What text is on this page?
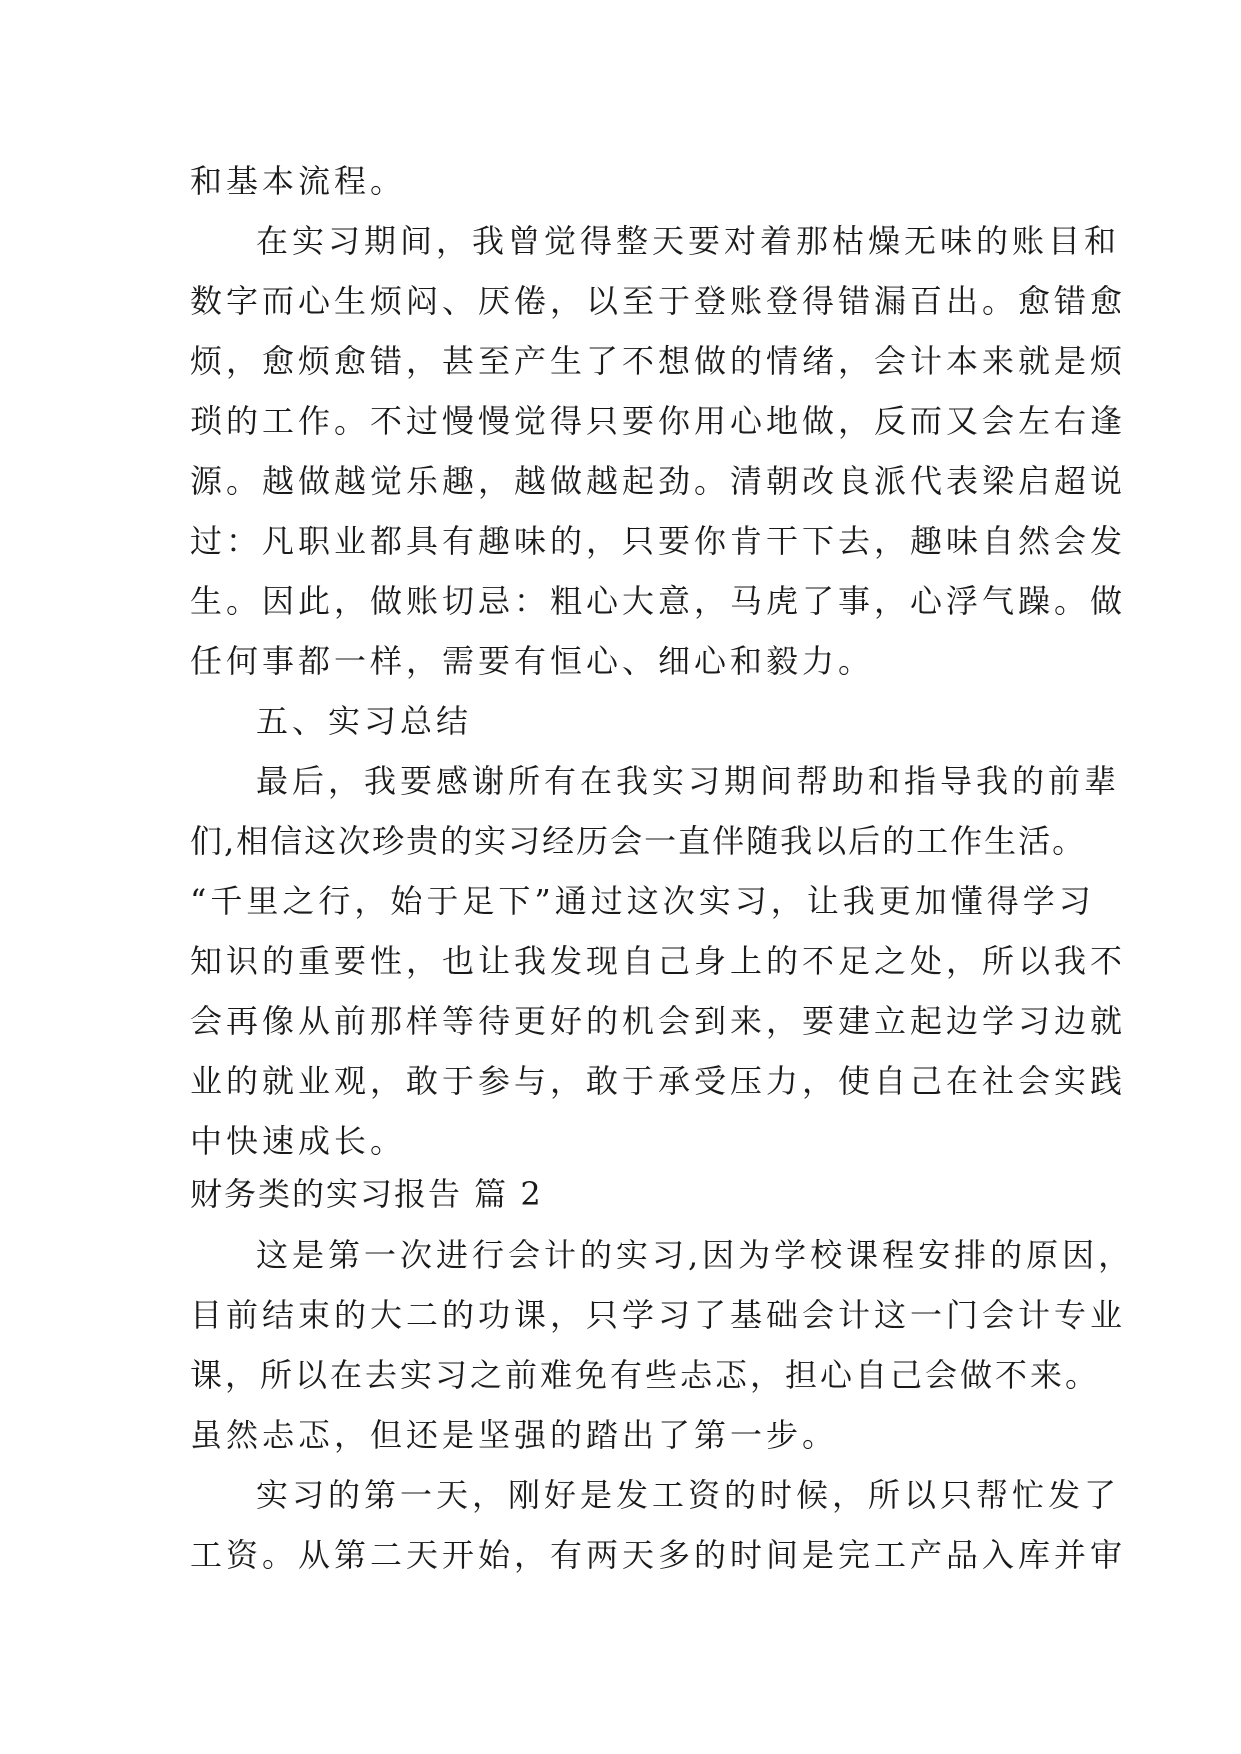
和基本流程。
在实习期间，我曾觉得整天要对着那枯燥无味的账目和
数字而心生烦闷、厌倦，以至于登账登得错漏百出。愈错愈
烦，愈烦愈错，甚至产生了不想做的情绪，会计本来就是烦
琐的工作。不过慢慢觉得只要你用心地做，反而又会左右逢
源。越做越觉乐趣，越做越起劲。清朝改良派代表梁启超说
过：凡职业都具有趣味的，只要你肯干下去，趣味自然会发
生。因此，做账切忌：粗心大意，马虎了事，心浮气躁。做
任何事都一样，需要有恒心、细心和毅力。
五、实习总结
最后，我要感谢所有在我实习期间帮助和指导我的前辈
们,相信这次珍贵的实习经历会一直伴随我以后的工作生活。
“千里之行，始于足下”通过这次实习，让我更加懂得学习
知识的重要性，也让我发现自己身上的不足之处，所以我不
会再像从前那样等待更好的机会到来，要建立起边学习边就
业的就业观，敢于参与，敢于承受压力，使自己在社会实践
中快速成长。
财务类的实习报告 篇 2
这是第一次进行会计的实习,因为学校课程安排的原因，
目前结束的大二的功课，只学习了基础会计这一门会计专业
课，所以在去实习之前难免有些忐忑，担心自己会做不来。
虽然忐忑，但还是坚强的踏出了第一步。
实习的第一天，刚好是发工资的时候，所以只帮忙发了
工资。从第二天开始，有两天多的时间是完工产品入库并审
